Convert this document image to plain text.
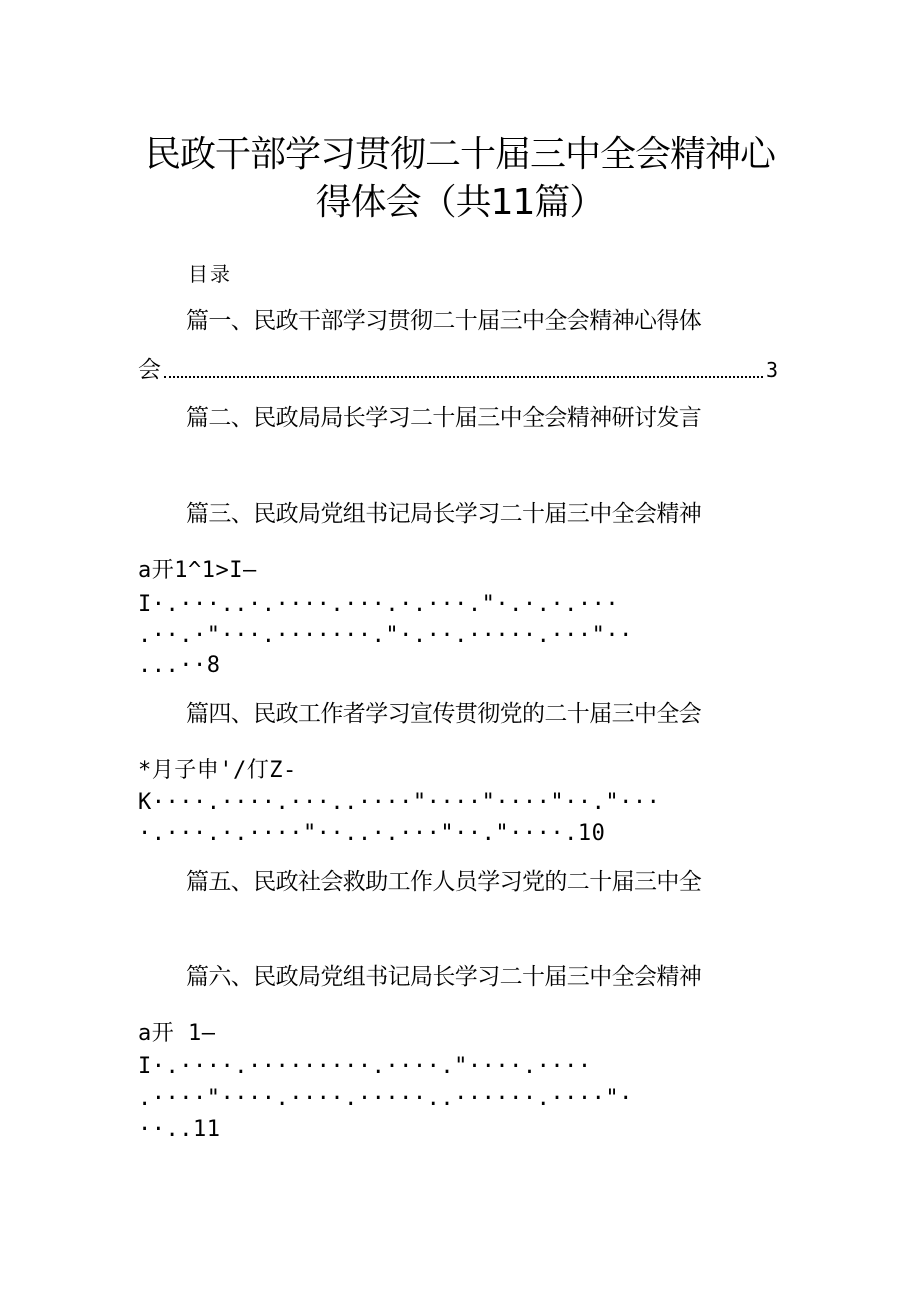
民政干部学习贯彻二十届三中全会精神心
得体会（共11篇）
目录
篇一、民政干部学习贯彻二十届三中全会精神心得体
会	3
篇二、民政局局长学习二十届三中全会精神研讨发言
篇三、民政局党组书记局长学习二十届三中全会精神
a开1^1>I—
I·.···..·.····.···.·.···."·.·.·.···
.··.·"···.·······."·.··.·····.···"··
...··8
篇四、民政工作者学习宣传贯彻党的二十届三中全会
*月子申'/仃Z-
K····.····.···..····"····"····"··."···
·.···.·.····"··..·.···"··."····.10
篇五、民政社会救助工作人员学习党的二十届三中全
篇六、民政局党组书记局长学习二十届三中全会精神
a开 1—
I·.····.·········.····."····.····
.····"····.····.·····..······.····"·
··..11
